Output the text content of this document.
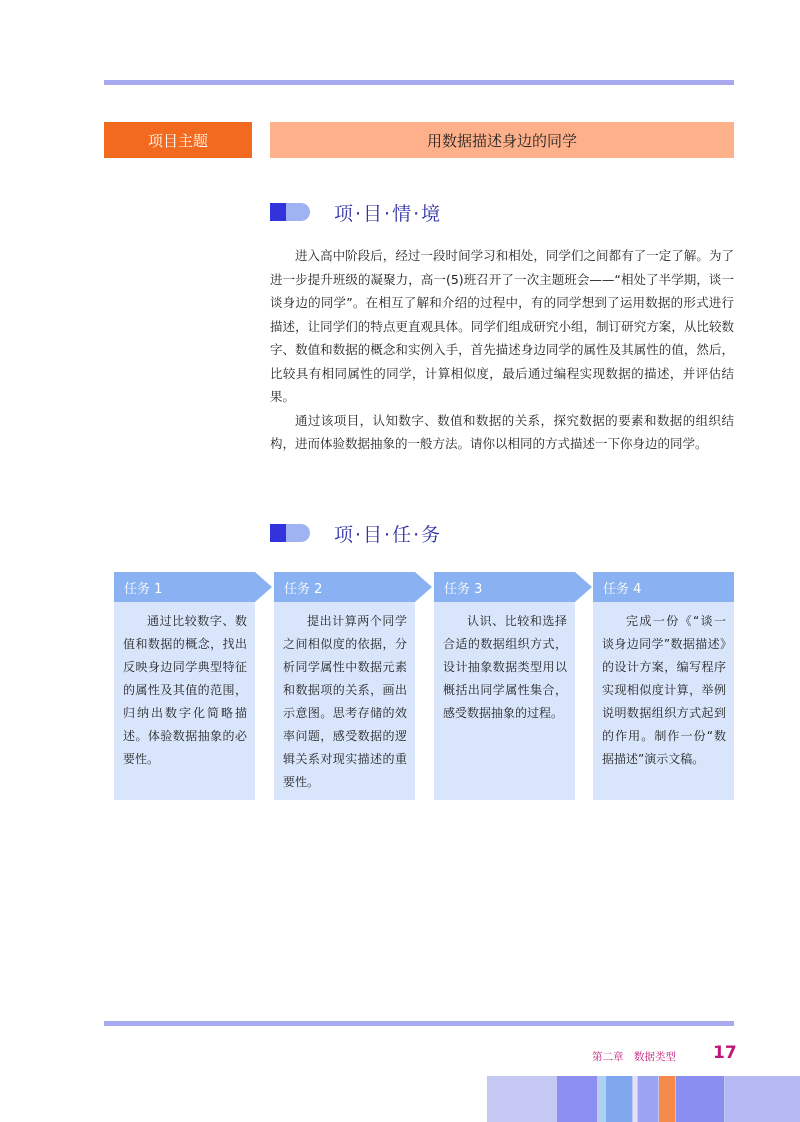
项目主题	用数据描述身边的同学
项·目·情·境

进入高中阶段后，经过一段时间学习和相处，同学们之间都有了一定了解。为了进一步提升班级的凝聚力，高一(5)班召开了一次主题班会——“相处了半学期，谈一谈身边的同学”。在相互了解和介绍的过程中，有的同学想到了运用数据的形式进行描述，让同学们的特点更直观具体。同学们组成研究小组，制订研究方案，从比较数字、数值和数据的概念和实例入手，首先描述身边同学的属性及其属性的值，然后，比较具有相同属性的同学，计算相似度，最后通过编程实现数据的描述，并评估结果。

通过该项目，认知数字、数值和数据的关系，探究数据的要素和数据的组织结构，进而体验数据抽象的一般方法。请你以相同的方式描述一下你身边的同学。

项·目·任·务

通过比较数字、数值和数据的概念，找出反映身边同学典型特征的属性及其值的范围，归纳出数字化简略描述。体验数据抽象的必要性。

任务 1

提出计算两个同学之间相似度的依据，分析同学属性中数据元素和数据项的关系，画出示意图。思考存储的效率问题，感受数据的逻辑关系对现实描述的重要性。

任务 2

认识、比较和选择合适的数据组织方式，设计抽象数据类型用以概括出同学属性集合，感受数据抽象的过程。

任务 3

完成一份《“谈一谈身边同学”数据描述》的设计方案，编写程序实现相似度计算，举例说明数据组织方式起到的作用。制作一份“数据描述”演示文稿。

任务 4
第二章　数据类型 17
